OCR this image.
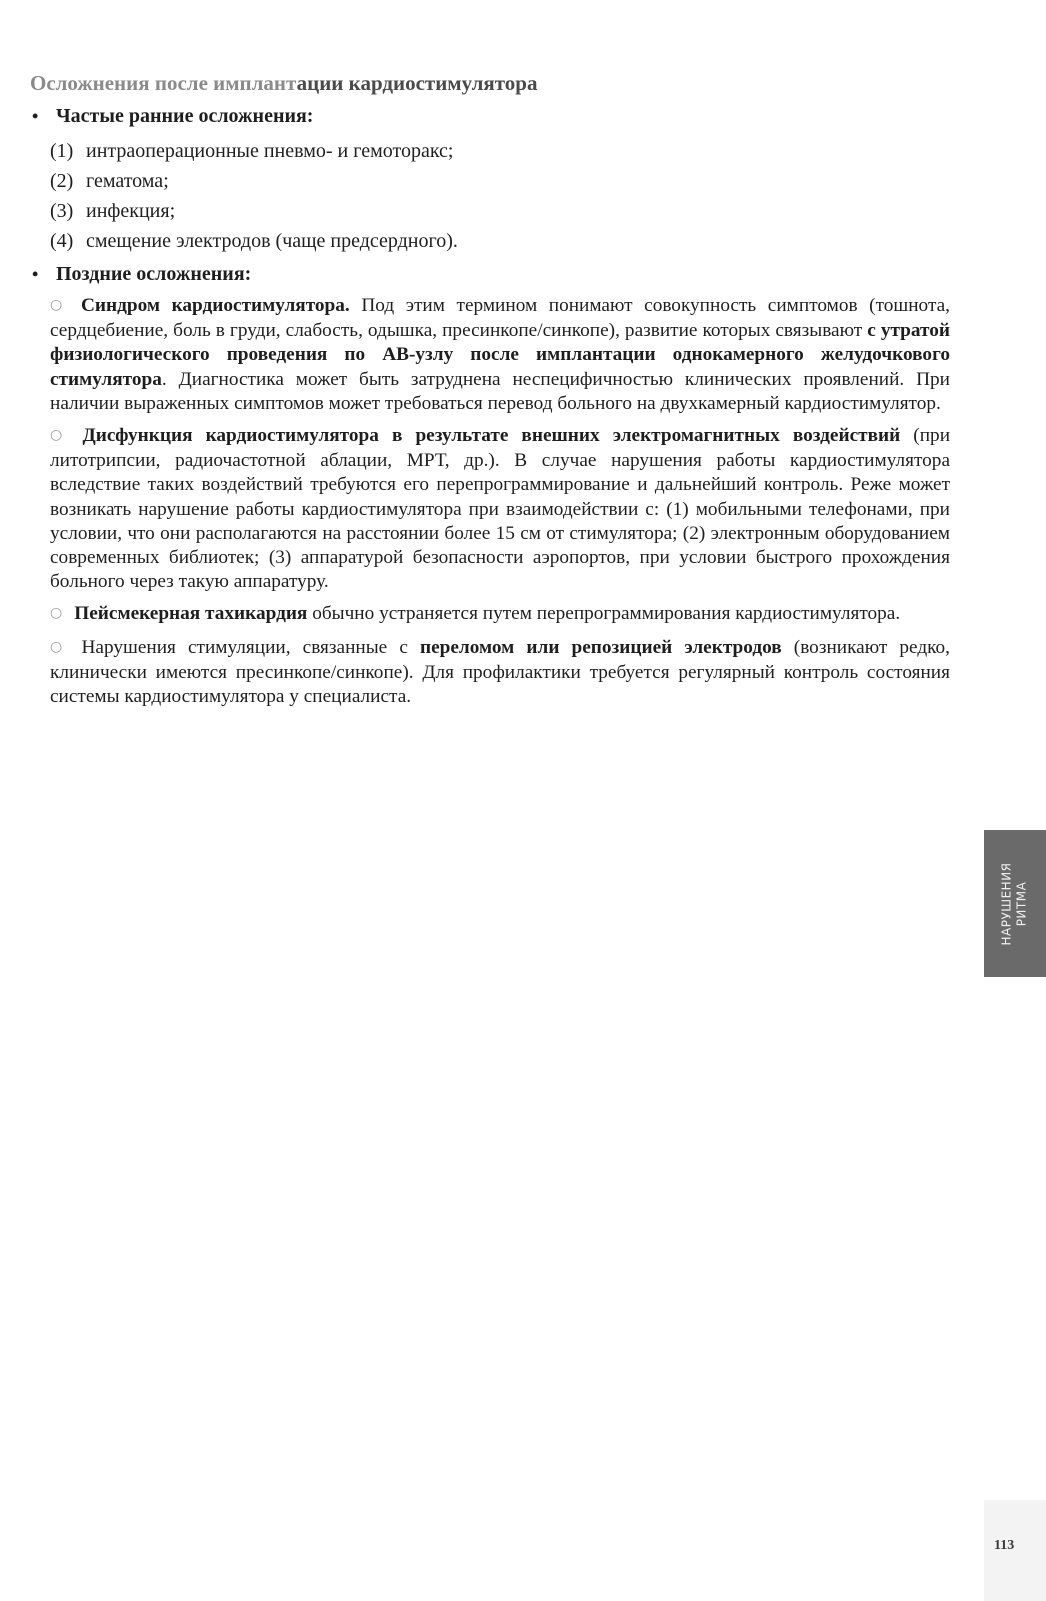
Осложнения после имплантации кардиостимулятора
• Частые ранние осложнения:
(1) интраоперационные пневмо- и гемоторакс;
(2) гематома;
(3) инфекция;
(4) смещение электродов (чаще предсердного).
• Поздние осложнения:

○ Синдром кардиостимулятора. Под этим термином понимают совокупность симптомов (тошнота, сердцебиение, боль в груди, слабость, одышка, пресинкопе/синкопе), развитие которых связывают с утратой физиологического проведения по АВ-узлу после имплантации однокамерного желудочкового стимулятора. Диагностика может быть затруднена неспецифичностью клинических проявлений. При наличии выраженных симптомов может требоваться перевод больного на двухкамерный кардиостимулятор.

○ Дисфункция кардиостимулятора в результате внешних электромагнитных воздействий (при литотрипсии, радиочастотной аблации, МРТ, др.). В случае нарушения работы кардиостимулятора вследствие таких воздействий требуются его перепрограммирование и дальнейший контроль. Реже может возникать нарушение работы кардиостимулятора при взаимодействии с: (1) мобильными телефонами, при условии, что они располагаются на расстоянии более 15 см от стимулятора; (2) электронным оборудованием современных библиотек; (3) аппаратурой безопасности аэропортов, при условии быстрого прохождения больного через такую аппаратуру.

○ Пейсмекерная тахикардия обычно устраняется путем перепрограммирования кардиостимулятора.

○ Нарушения стимуляции, связанные с переломом или репозицией электродов (возникают редко, клинически имеются пресинкопе/синкопе). Для профилактики требуется регулярный контроль состояния системы кардиостимулятора у специалиста.

НАРУШЕНИЯ РИТМА
113
